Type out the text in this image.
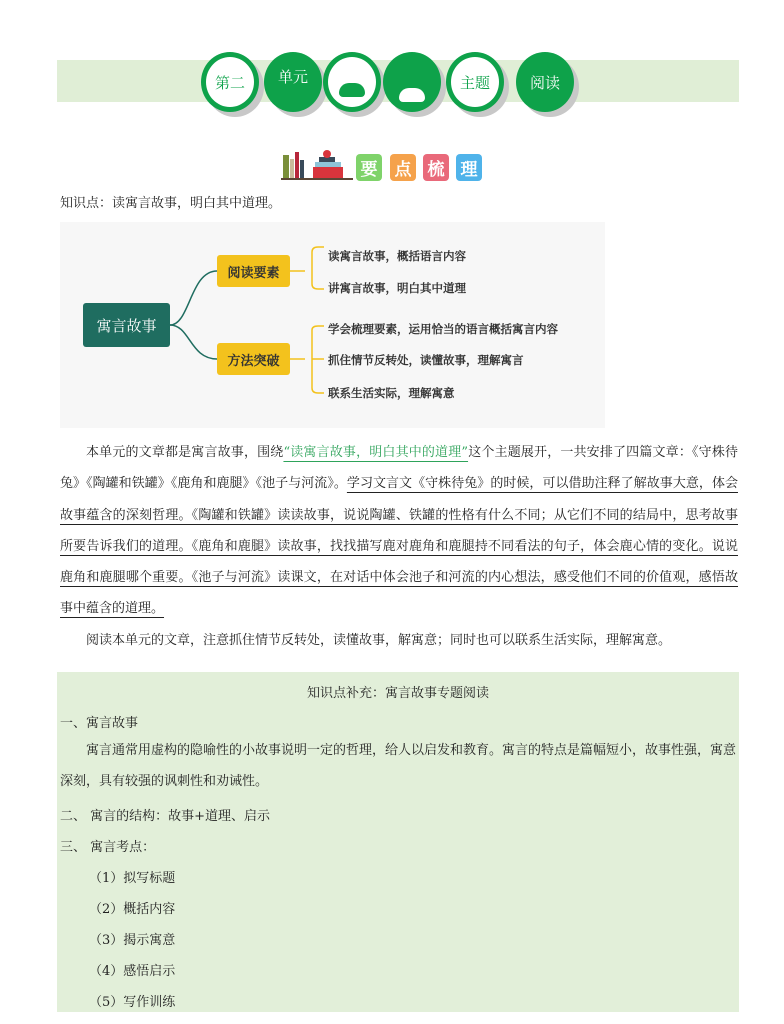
第二	单元	主题	阅读
要 点 梳 理
知识点：读寓言故事，明白其中道理。
寓言故事
阅读要素
方法突破
读寓言故事，概括语言内容
讲寓言故事，明白其中道理
学会梳理要素，运用恰当的语言概括寓言内容
抓住情节反转处，读懂故事，理解寓言
联系生活实际，理解寓意
本单元的文章都是寓言故事，围绕“读寓言故事，明白其中的道理”这个主题展开，一共安排了四篇文章：《守株待兔》《陶罐和铁罐》《鹿角和鹿腿》《池子与河流》。学习文言文《守株待兔》的时候，可以借助注释了解故事大意，体会故事蕴含的深刻哲理。《陶罐和铁罐》读读故事，说说陶罐、铁罐的性格有什么不同；从它们不同的结局中，思考故事所要告诉我们的道理。《鹿角和鹿腿》读故事，找找描写鹿对鹿角和鹿腿持不同看法的句子，体会鹿心情的变化。说说鹿角和鹿腿哪个重要。《池子与河流》读课文，在对话中体会池子和河流的内心想法，感受他们不同的价值观，感悟故事中蕴含的道理。
阅读本单元的文章，注意抓住情节反转处，读懂故事，解寓意；同时也可以联系生活实际，理解寓意。
知识点补充：寓言故事专题阅读
一、寓言故事
寓言通常用虚构的隐喻性的小故事说明一定的哲理，给人以启发和教育。寓言的特点是篇幅短小，故事性强，寓意深刻，具有较强的讽刺性和劝诫性。
二、 寓言的结构：故事+道理、启示
三、 寓言考点：
（1）拟写标题
（2）概括内容
（3）揭示寓意
（4）感悟启示
（5）写作训练
